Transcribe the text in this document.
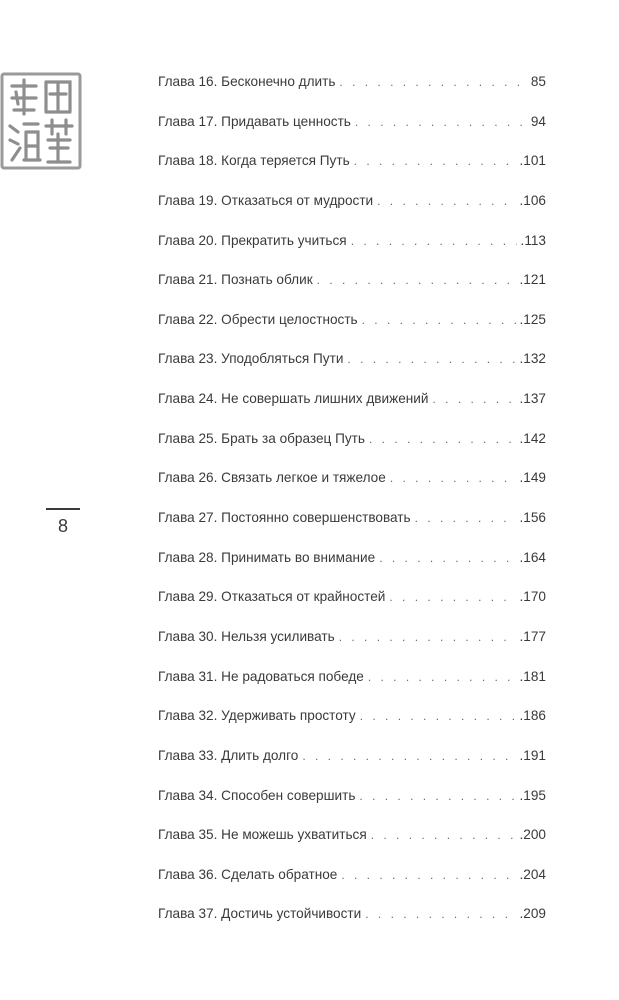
8
Глава 16. Бесконечно длить . . .	85
Глава 17. Придавать ценность . . .	94
Глава 18. Когда теряется Путь . . .	.101
Глава 19. Отказаться от мудрости . . .	.106
Глава 20. Прекратить учиться . . .	.113
Глава 21. Познать облик . . .	.121
Глава 22. Обрести целостность . . .	.125
Глава 23. Уподобляться Пути . . .	.132
Глава 24. Не совершать лишних движений . . .	.137
Глава 25. Брать за образец Путь . . .	.142
Глава 26. Связать легкое и тяжелое . . .	.149
Глава 27. Постоянно совершенствовать . . .	.156
Глава 28. Принимать во внимание . . .	.164
Глава 29. Отказаться от крайностей . . .	.170
Глава 30. Нельзя усиливать . . .	.177
Глава 31. Не радоваться победе . . .	.181
Глава 32. Удерживать простоту . . .	.186
Глава 33. Длить долго . . .	.191
Глава 34. Способен совершить . . .	.195
Глава 35. Не можешь ухватиться . . .	.200
Глава 36. Сделать обратное . . .	.204
Глава 37. Достичь устойчивости . . .	.209
